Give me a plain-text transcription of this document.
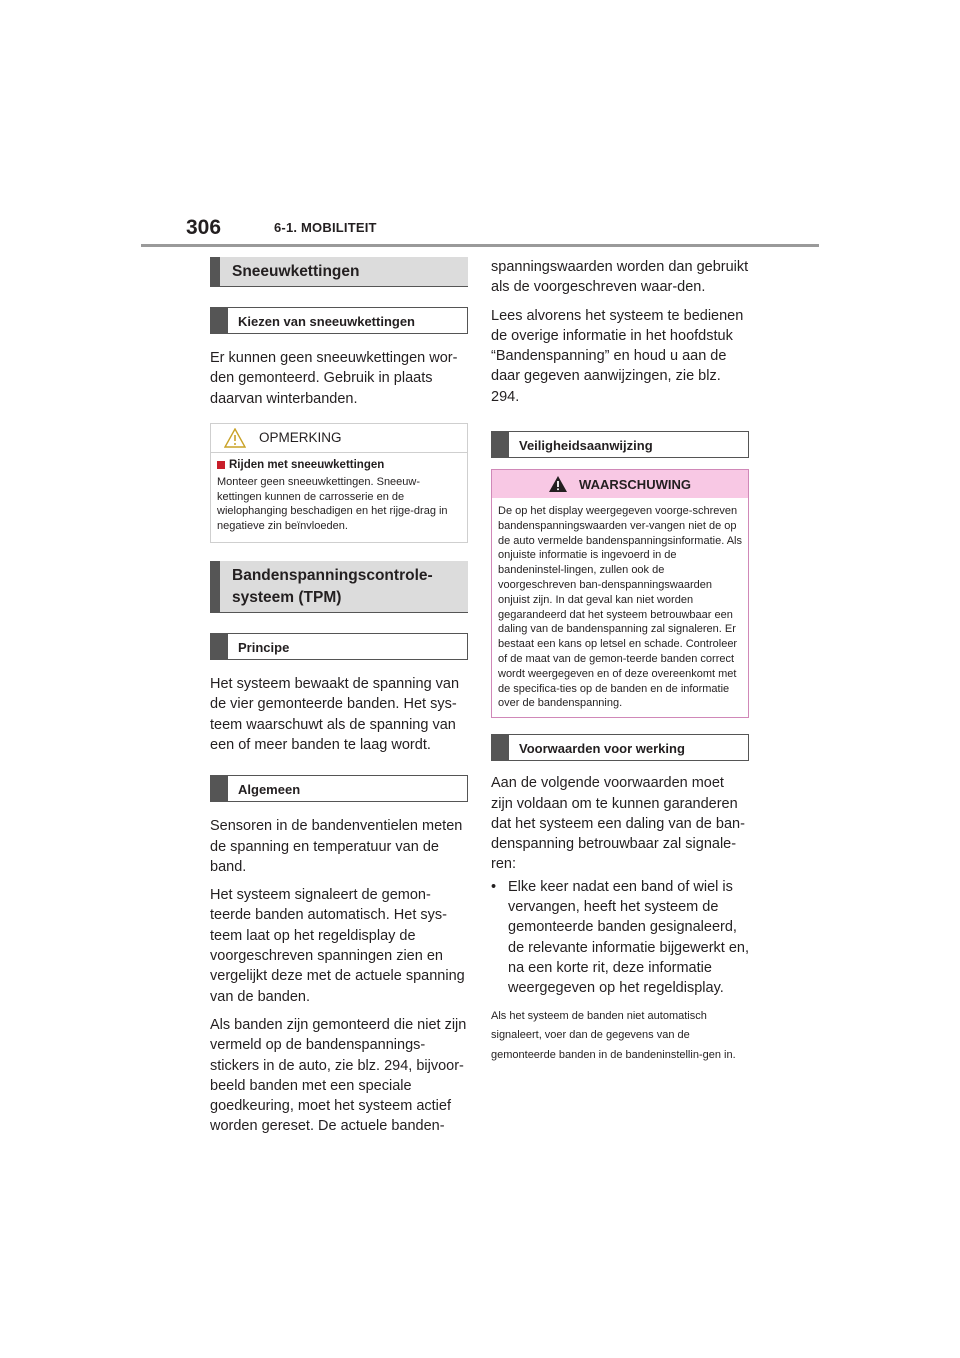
306	6-1. MOBILITEIT
Sneeuwkettingen
Kiezen van sneeuwkettingen

Er kunnen geen sneeuwkettingen wor-den gemonteerd. Gebruik in plaats daarvan winterbanden.

OPMERKING
Rijden met sneeuwkettingen
Monteer geen sneeuwkettingen. Sneeuw-kettingen kunnen de carrosserie en de wielophanging beschadigen en het rijge-drag in negatieve zin beïnvloeden.
Bandenspanningscontrole-systeem (TPM)
Principe

Het systeem bewaakt de spanning van de vier gemonteerde banden. Het sys-teem waarschuwt als de spanning van een of meer banden te laag wordt.

Algemeen

Sensoren in de bandenventielen meten de spanning en temperatuur van de band.

Het systeem signaleert de gemon-teerde banden automatisch. Het sys-teem laat op het regeldisplay de voorgeschreven spanningen zien en vergelijkt deze met de actuele spanning van de banden.

Als banden zijn gemonteerd die niet zijn vermeld op de bandenspannings-stickers in de auto, zie blz. 294, bijvoor-beeld banden met een speciale goedkeuring, moet het systeem actief worden gereset. De actuele banden-

spanningswaarden worden dan gebruikt als de voorgeschreven waar-den.

Lees alvorens het systeem te bedienen de overige informatie in het hoofdstuk “Bandenspanning” en houd u aan de daar gegeven aanwijzingen, zie blz. 294.

Veiligheidsaanwijzing
WAARSCHUWING
De op het display weergegeven voorge-schreven bandenspanningswaarden ver-vangen niet de op de auto vermelde bandenspanningsinformatie. Als onjuiste informatie is ingevoerd in de bandeninstel-lingen, zullen ook de voorgeschreven ban-denspanningswaarden onjuist zijn. In dat geval kan niet worden gegarandeerd dat het systeem betrouwbaar een daling van de bandenspanning zal signaleren. Er bestaat een kans op letsel en schade. Controleer of de maat van de gemon-teerde banden correct wordt weergegeven en of deze overeenkomt met de specifica-ties op de banden en de informatie over de bandenspanning.
Voorwaarden voor werking

Aan de volgende voorwaarden moet zijn voldaan om te kunnen garanderen dat het systeem een daling van de ban-denspanning betrouwbaar zal signale-ren:

• Elke keer nadat een band of wiel is vervangen, heeft het systeem de gemonteerde banden gesignaleerd, de relevante informatie bijgewerkt en, na een korte rit, deze informatie weergegeven op het regeldisplay.

Als het systeem de banden niet automatisch signaleert, voer dan de gegevens van de gemonteerde banden in de bandeninstellin-gen in.
